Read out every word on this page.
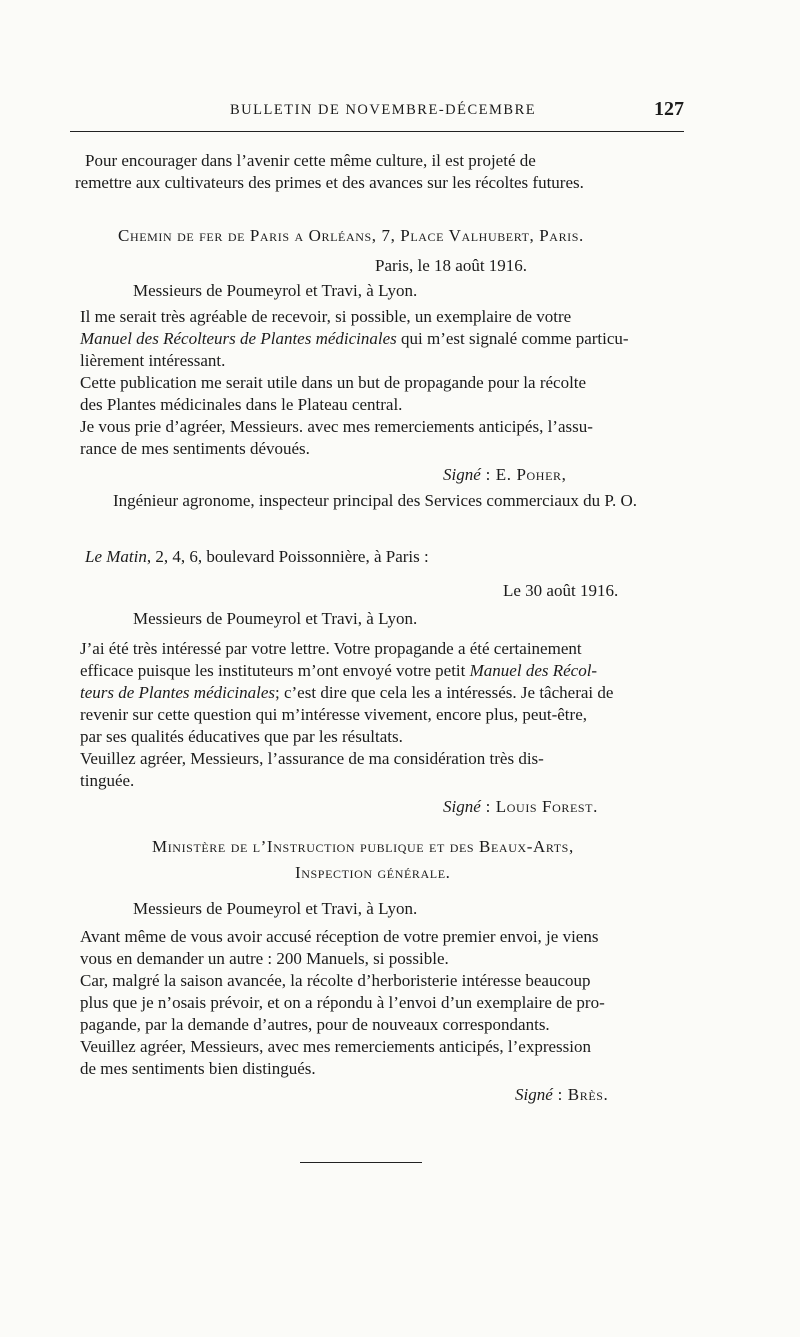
BULLETIN DE NOVEMBRE-DÉCEMBRE	127
Pour encourager dans l’avenir cette même culture, il est projeté de
remettre aux cultivateurs des primes et des avances sur les récoltes futures.
Chemin de fer de Paris a Orléans, 7, Place Valhubert, Paris.
Paris, le 18 août 1916.
Messieurs de Poumeyrol et Travi, à Lyon.
Il me serait très agréable de recevoir, si possible, un exemplaire de votre
Manuel des Récolteurs de Plantes médicinales qui m’est signalé comme particu-
lièrement intéressant.
Cette publication me serait utile dans un but de propagande pour la récolte
des Plantes médicinales dans le Plateau central.
Je vous prie d’agréer, Messieurs. avec mes remerciements anticipés, l’assu-
rance de mes sentiments dévoués.
Signé : E. Poher,
Ingénieur agronome, inspecteur principal des Services commerciaux du P. O.
Le Matin, 2, 4, 6, boulevard Poissonnière, à Paris :
Le 30 août 1916.
Messieurs de Poumeyrol et Travi, à Lyon.
J’ai été très intéressé par votre lettre. Votre propagande a été certainement
efficace puisque les instituteurs m’ont envoyé votre petit Manuel des Récol-
teurs de Plantes médicinales; c’est dire que cela les a intéressés. Je tâcherai de
revenir sur cette question qui m’intéresse vivement, encore plus, peut-être,
par ses qualités éducatives que par les résultats.
Veuillez agréer, Messieurs, l’assurance de ma considération très dis-
tinguée.
Signé : Louis Forest.
Ministère de l’Instruction publique et des Beaux-Arts,
Inspection générale.
Messieurs de Poumeyrol et Travi, à Lyon.
Avant même de vous avoir accusé réception de votre premier envoi, je viens
vous en demander un autre : 200 Manuels, si possible.
Car, malgré la saison avancée, la récolte d’herboristerie intéresse beaucoup
plus que je n’osais prévoir, et on a répondu à l’envoi d’un exemplaire de pro-
pagande, par la demande d’autres, pour de nouveaux correspondants.
Veuillez agréer, Messieurs, avec mes remerciements anticipés, l’expression
de mes sentiments bien distingués.
Signé : Brès.
